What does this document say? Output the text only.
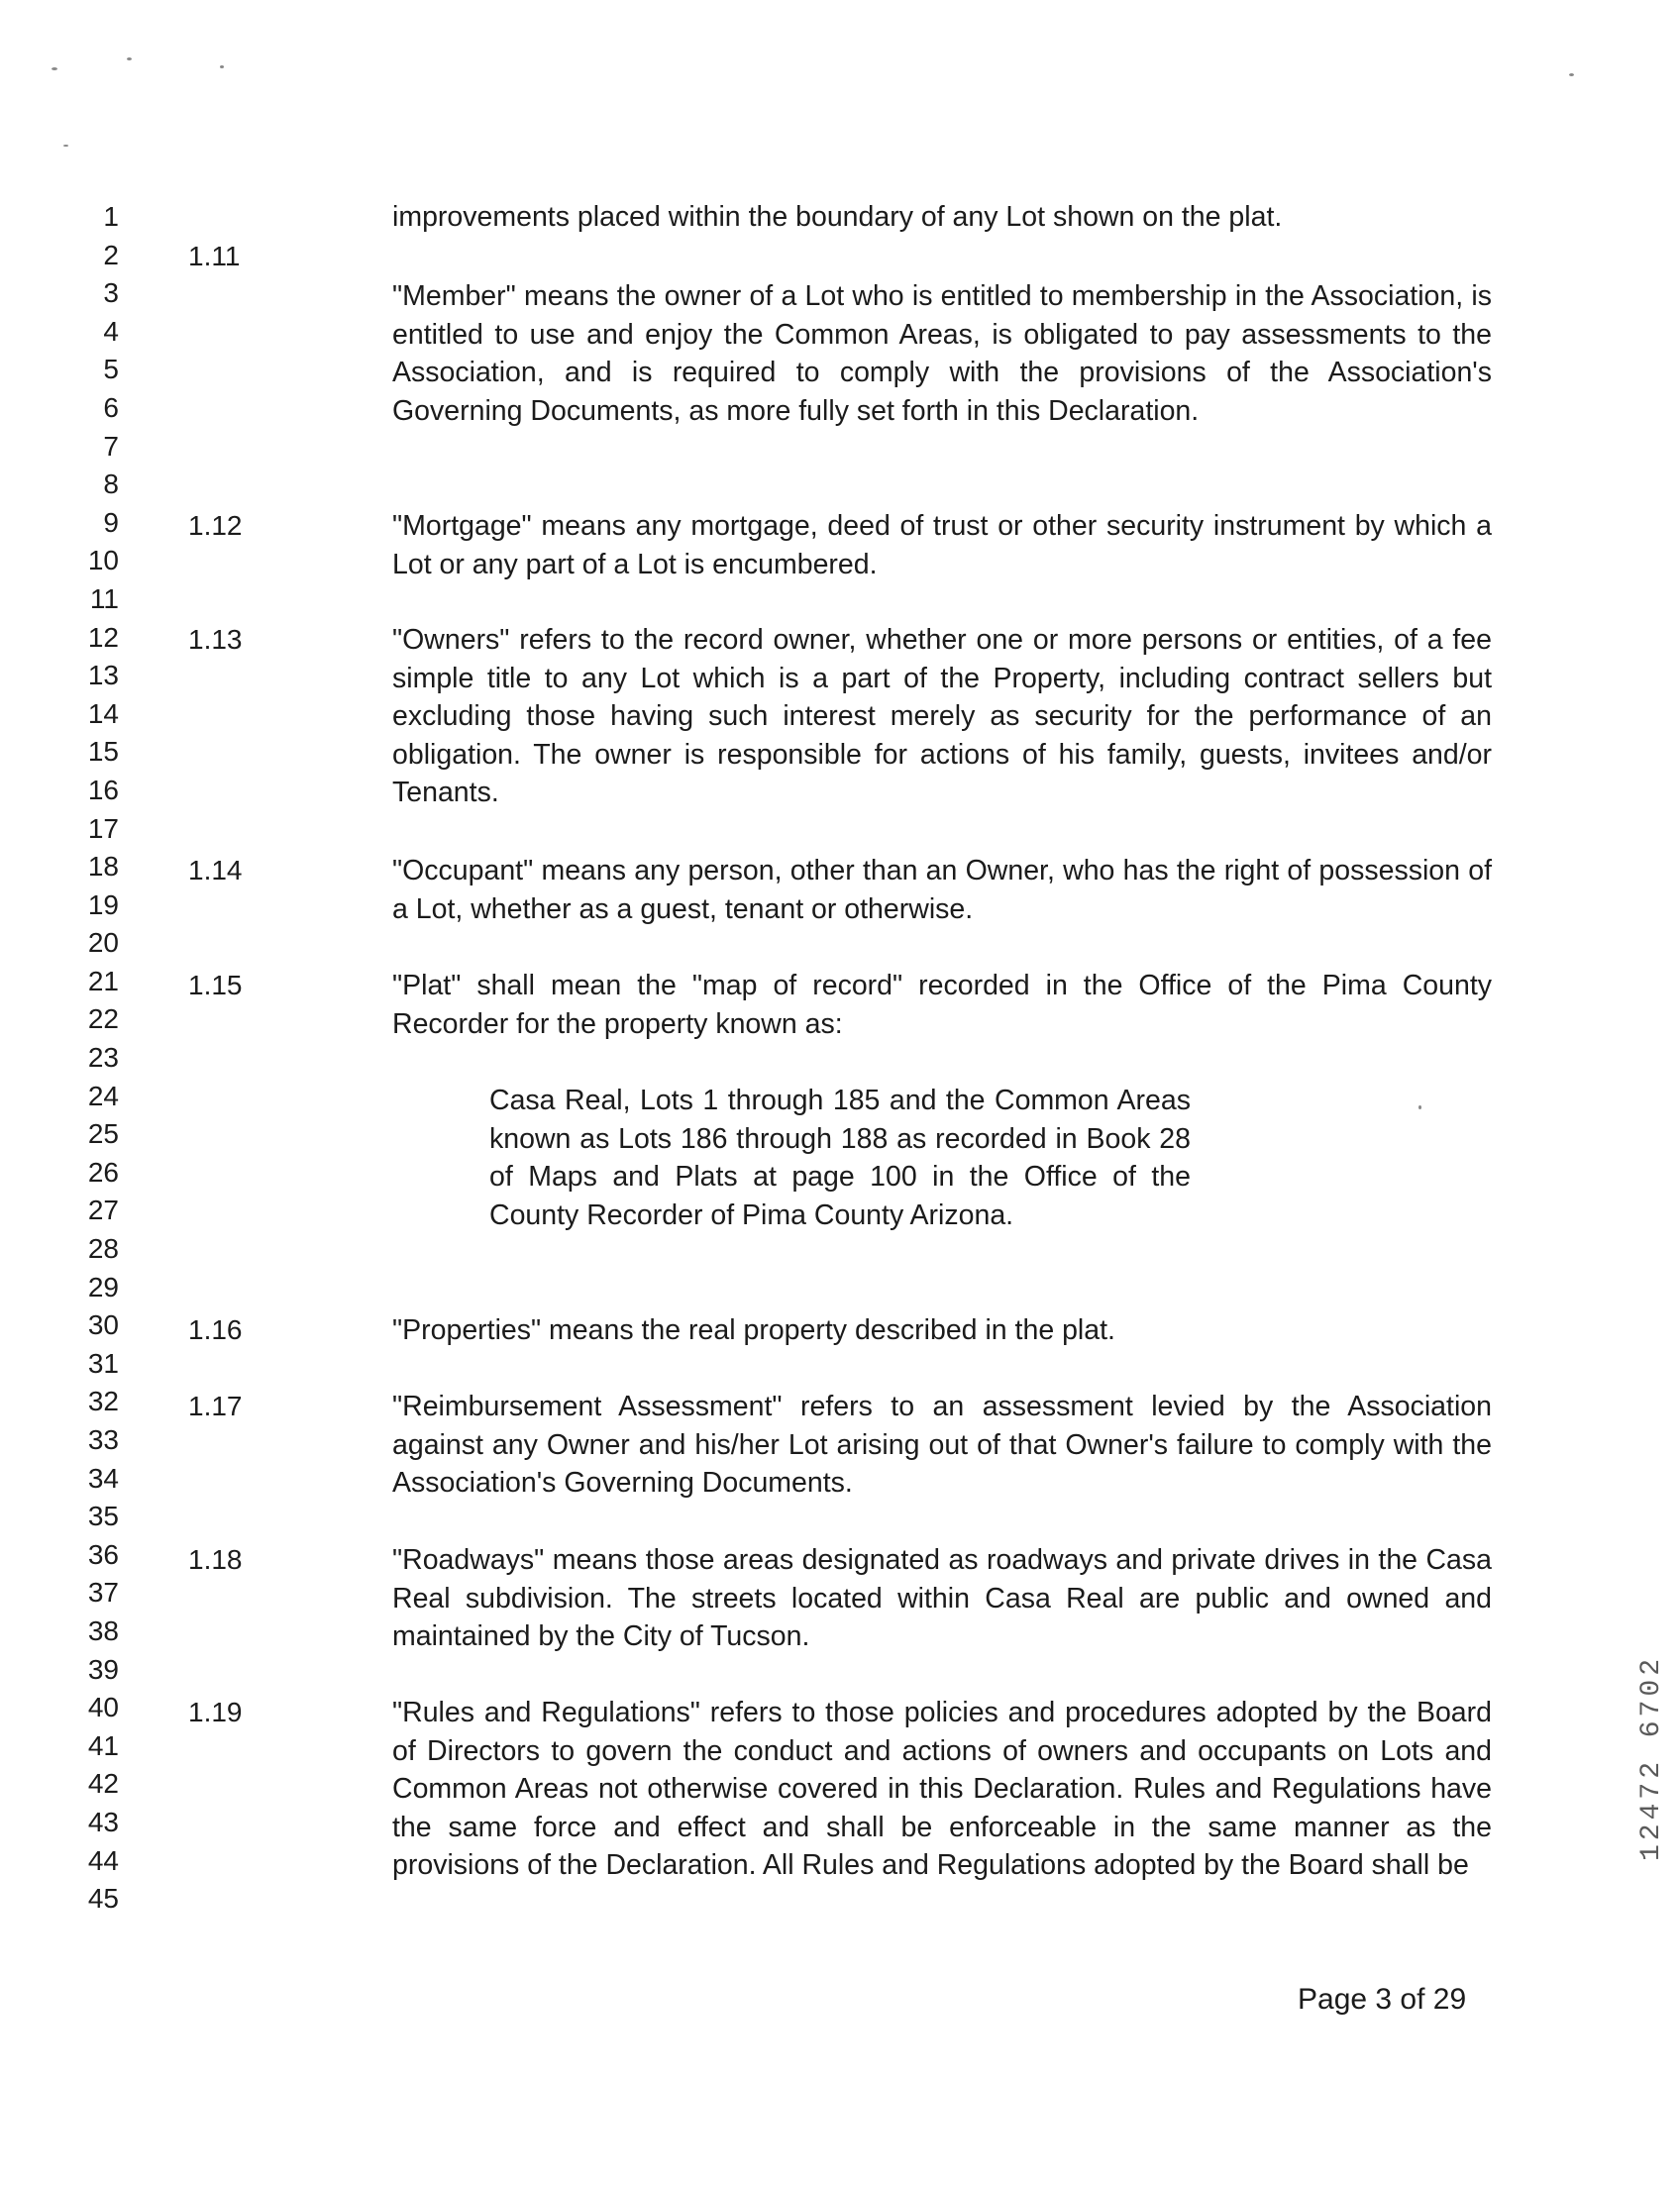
1
2
3
4
5
6
7
8
9
10
11
12
13
14
15
16
17
18
19
20
21
22
23
24
25
26
27
28
29
30
31
32
33
34
35
36
37
38
39
40
41
42
43
44
45
improvements placed within the boundary of any Lot shown on the plat.
1.11
"Member" means the owner of a Lot who is entitled to membership in the Association, is entitled to use and enjoy the Common Areas, is obligated to pay assessments to the Association, and is required to comply with the provisions of the Association's Governing Documents, as more fully set forth in this Declaration.
1.12	"Mortgage" means any mortgage, deed of trust or other security instrument by which a Lot or any part of a Lot is encumbered.
1.13	"Owners" refers to the record owner, whether one or more persons or entities, of a fee simple title to any Lot which is a part of the Property, including contract sellers but excluding those having such interest merely as security for the performance of an obligation. The owner is responsible for actions of his family, guests, invitees and/or Tenants.
1.14	"Occupant" means any person, other than an Owner, who has the right of possession of a Lot, whether as a guest, tenant or otherwise.
1.15	"Plat" shall mean the "map of record" recorded in the Office of the Pima County Recorder for the property known as:
Casa Real, Lots 1 through 185 and the Common Areas known as Lots 186 through 188 as recorded in Book 28 of Maps and Plats at page 100 in the Office of the County Recorder of Pima County Arizona.
1.16	"Properties" means the real property described in the plat.
1.17	"Reimbursement Assessment" refers to an assessment levied by the Association against any Owner and his/her Lot arising out of that Owner's failure to comply with the Association's Governing Documents.
1.18	"Roadways" means those areas designated as roadways and private drives in the Casa Real subdivision. The streets located within Casa Real are public and owned and maintained by the City of Tucson.
1.19	"Rules and Regulations" refers to those policies and procedures adopted by the Board of Directors to govern the conduct and actions of owners and occupants on Lots and Common Areas not otherwise covered in this Declaration. Rules and Regulations have the same force and effect and shall be enforceable in the same manner as the provisions of the Declaration. All Rules and Regulations adopted by the Board shall be
Page 3 of 29
12472 6702
